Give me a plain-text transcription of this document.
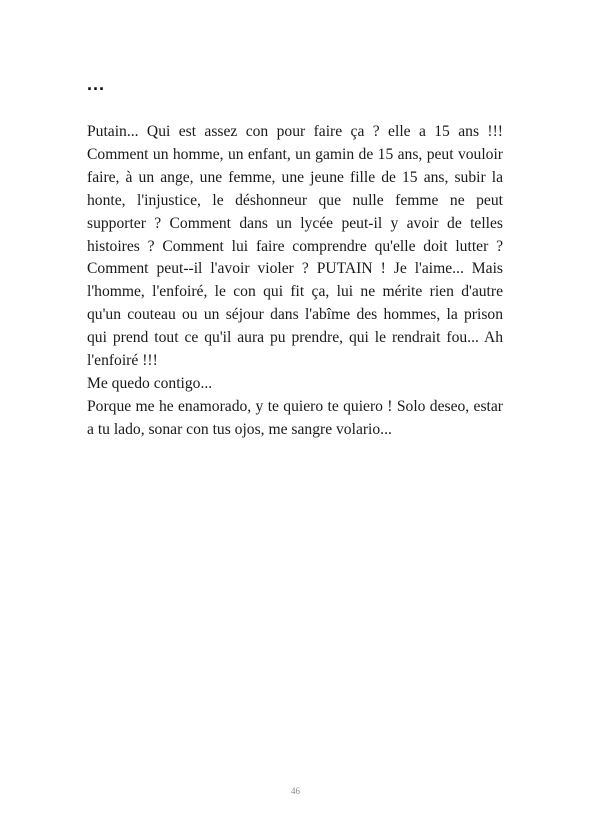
...

Putain... Qui est assez con pour faire ça ? elle a 15 ans !!! Comment un homme, un enfant, un gamin de 15 ans, peut vouloir faire, à un ange, une femme, une jeune fille de 15 ans, subir la honte, l'injustice, le déshonneur que nulle femme ne peut supporter ? Comment dans un lycée peut-il y avoir de telles histoires ? Comment lui faire comprendre qu'elle doit lutter ? Comment peut--il l'avoir violer ? PUTAIN ! Je l'aime... Mais l'homme, l'enfoiré, le con qui fit ça, lui ne mérite rien d'autre qu'un couteau ou un séjour dans l'abîme des hommes, la prison qui prend tout ce qu'il aura pu prendre, qui le rendrait fou... Ah l'enfoiré !!!

Me quedo contigo...

Porque me he enamorado, y te quiero te quiero ! Solo deseo, estar a tu lado, sonar con tus ojos, me sangre volario...

46
